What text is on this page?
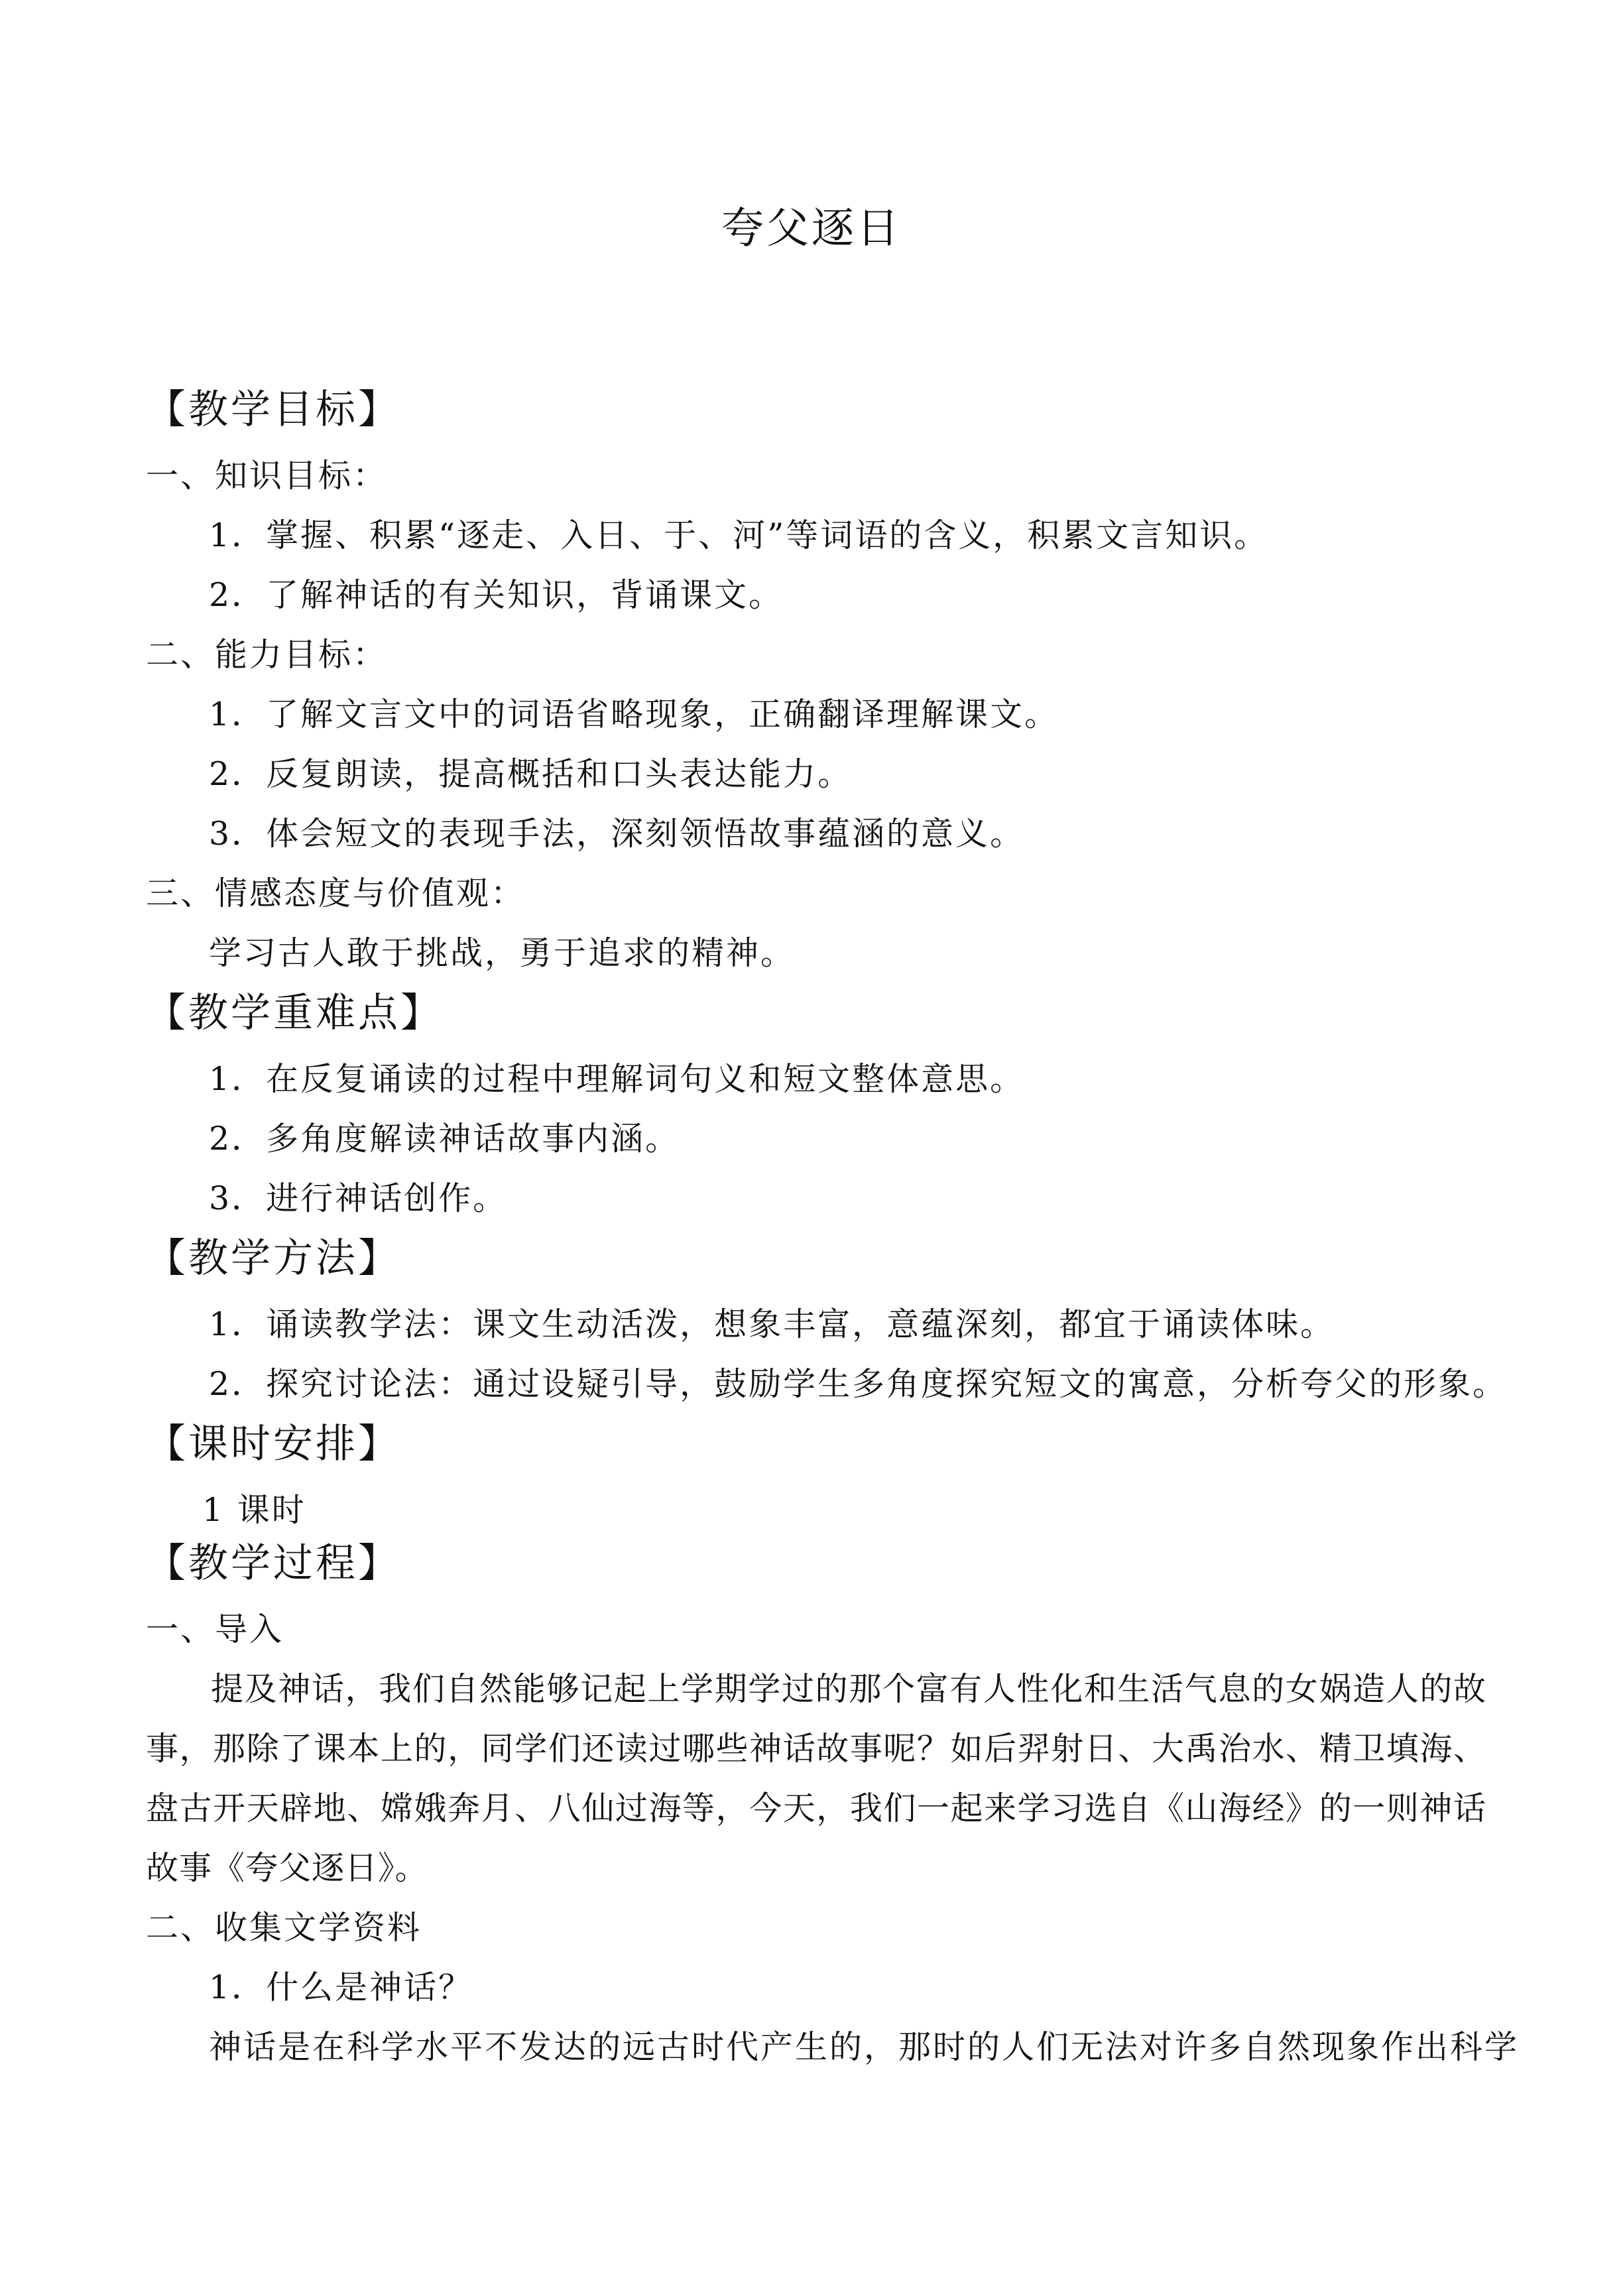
夸父逐日
【教学目标】
一、知识目标：
1．掌握、积累“逐走、入日、于、河”等词语的含义，积累文言知识。
2．了解神话的有关知识，背诵课文。
二、能力目标：
1．了解文言文中的词语省略现象，正确翻译理解课文。
2．反复朗读，提高概括和口头表达能力。
3．体会短文的表现手法，深刻领悟故事蕴涵的意义。
三、情感态度与价值观：
学习古人敢于挑战，勇于追求的精神。
【教学重难点】
1．在反复诵读的过程中理解词句义和短文整体意思。
2．多角度解读神话故事内涵。
3．进行神话创作。
【教学方法】
1．诵读教学法：课文生动活泼，想象丰富，意蕴深刻，都宜于诵读体味。
2．探究讨论法：通过设疑引导，鼓励学生多角度探究短文的寓意，分析夸父的形象。
【课时安排】
1 课时
【教学过程】
一、导入
提及神话，我们自然能够记起上学期学过的那个富有人性化和生活气息的女娲造人的故事，那除了课本上的，同学们还读过哪些神话故事呢？如后羿射日、大禹治水、精卫填海、盘古开天辟地、嫦娥奔月、八仙过海等，今天，我们一起来学习选自《山海经》的一则神话故事《夸父逐日》。
二、收集文学资料
1．什么是神话？
神话是在科学水平不发达的远古时代产生的，那时的人们无法对许多自然现象作出科学
